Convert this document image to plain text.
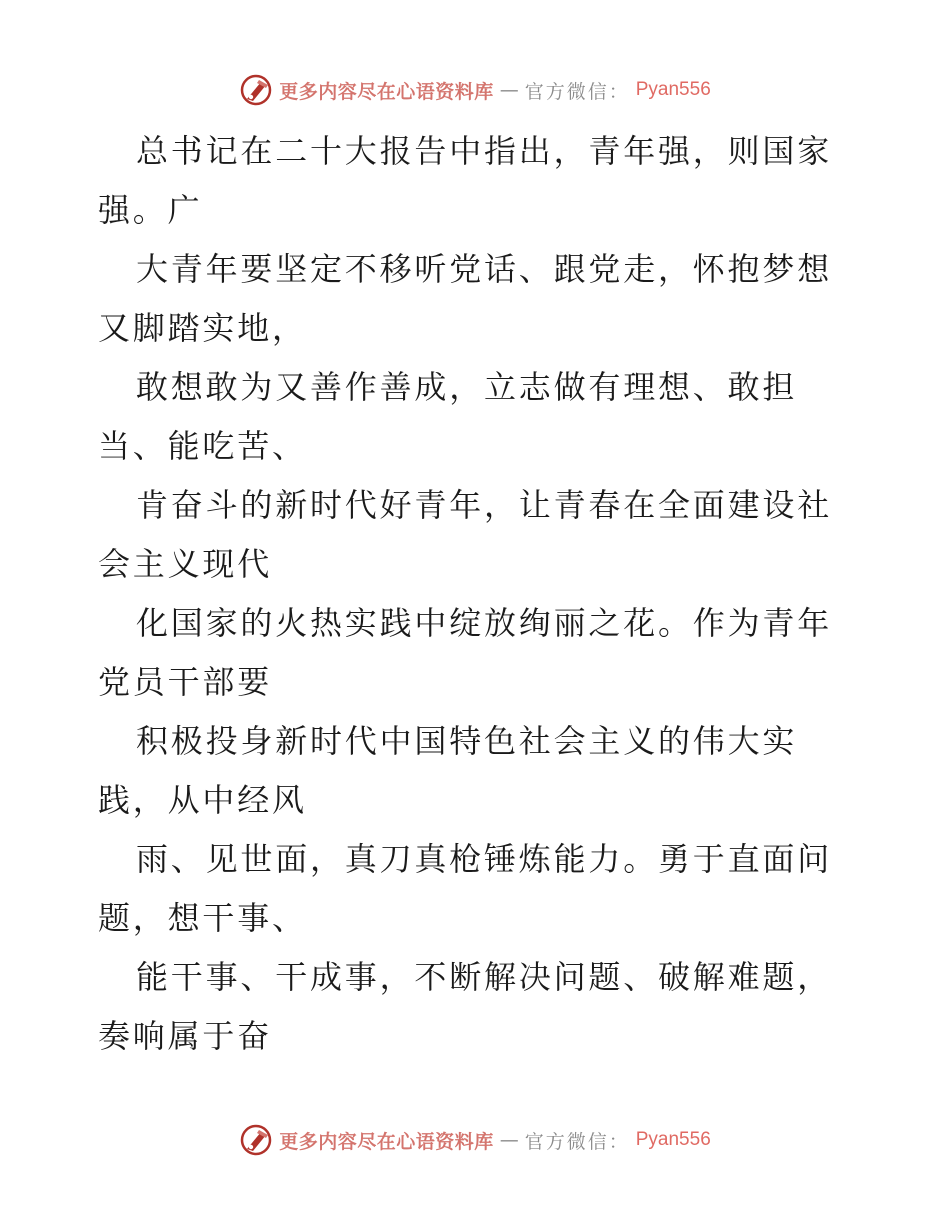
更多内容尽在心语资料库 — 官方微信： Pyan556

总书记在二十大报告中指出，青年强，则国家强。广

大青年要坚定不移听党话、跟党走，怀抱梦想又脚踏实地，

敢想敢为又善作善成，立志做有理想、敢担当、能吃苦、

肯奋斗的新时代好青年，让青春在全面建设社会主义现代

化国家的火热实践中绽放绚丽之花。作为青年党员干部要

积极投身新时代中国特色社会主义的伟大实践，从中经风

雨、见世面，真刀真枪锤炼能力。勇于直面问题，想干事、

能干事、干成事，不断解决问题、破解难题，奏响属于奋

更多内容尽在心语资料库 — 官方微信： Pyan556
